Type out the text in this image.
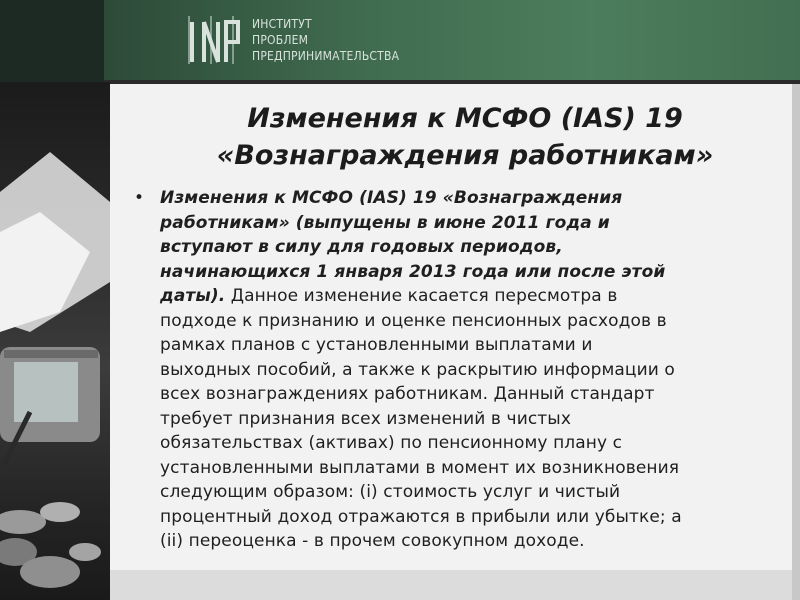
ИНСТИТУТ
ПРОБЛЕМ
ПРЕДПРИНИМАТЕЛЬСТВА
Изменения к МСФО (IAS) 19
«Вознаграждения работникам»
• Изменения к МСФО (IAS) 19 «Вознаграждения
работникам» (выпущены в июне 2011 года и
вступают в силу для годовых периодов,
начинающихся 1 января 2013 года или после этой
даты). Данное изменение касается пересмотра в
подходе к признанию и оценке пенсионных расходов в
рамках планов с установленными выплатами и
выходных пособий, а также к раскрытию информации о
всех вознаграждениях работникам. Данный стандарт
требует признания всех изменений в чистых
обязательствах (активах) по пенсионному плану с
установленными выплатами в момент их возникновения
следующим образом: (i) стоимость услуг и чистый
процентный доход отражаются в прибыли или убытке; а
(ii) переоценка - в прочем совокупном доходе.
